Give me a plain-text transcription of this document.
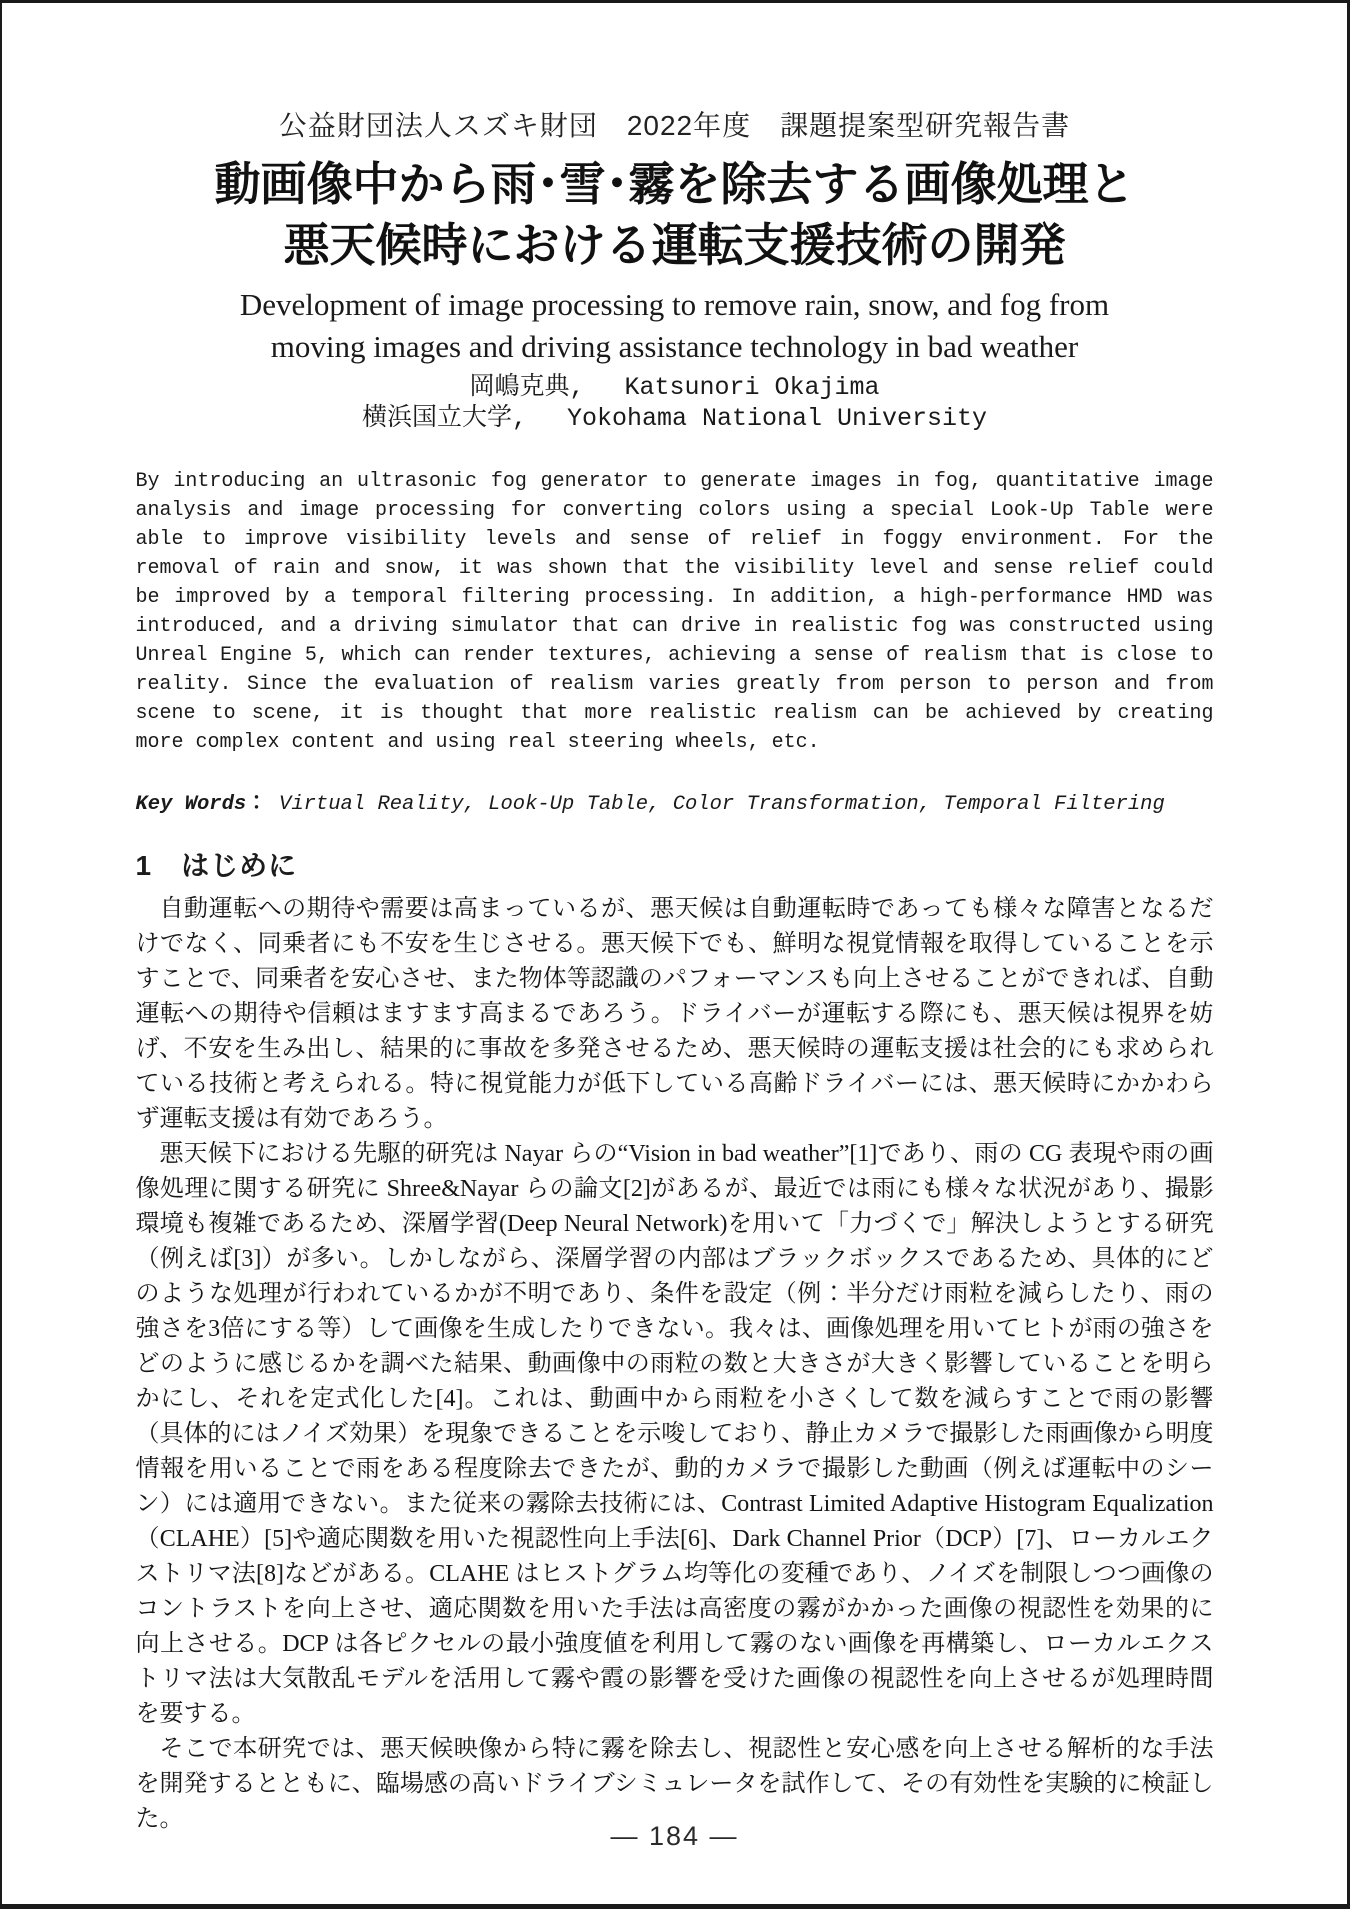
公益財団法人スズキ財団　2022年度　課題提案型研究報告書
動画像中から雨･雪･霧を除去する画像処理と
悪天候時における運転支援技術の開発
Development of image processing to remove rain, snow, and fog from
moving images and driving assistance technology in bad weather
岡嶋克典,　 Katsunori Okajima
横浜国立大学,　 Yokohama National University
By introducing an ultrasonic fog generator to generate images in fog, quantitative image analysis and image processing for converting colors using a special Look-Up Table were able to improve visibility levels and sense of relief in foggy environment. For the removal of rain and snow, it was shown that the visibility level and sense relief could be improved by a temporal filtering processing. In addition, a high-performance HMD was introduced, and a driving simulator that can drive in realistic fog was constructed using Unreal Engine 5, which can render textures, achieving a sense of realism that is close to reality. Since the evaluation of realism varies greatly from person to person and from scene to scene, it is thought that more realistic realism can be achieved by creating more complex content and using real steering wheels, etc.
Key Words： Virtual Reality, Look-Up Table, Color Transformation, Temporal Filtering
1　はじめに

自動運転への期待や需要は高まっているが、悪天候は自動運転時であっても様々な障害となるだけでなく、同乗者にも不安を生じさせる。悪天候下でも、鮮明な視覚情報を取得していることを示すことで、同乗者を安心させ、また物体等認識のパフォーマンスも向上させることができれば、自動運転への期待や信頼はますます高まるであろう。ドライバーが運転する際にも、悪天候は視界を妨げ、不安を生み出し、結果的に事故を多発させるため、悪天候時の運転支援は社会的にも求められている技術と考えられる。特に視覚能力が低下している高齢ドライバーには、悪天候時にかかわらず運転支援は有効であろう。

悪天候下における先駆的研究は Nayar らの“Vision in bad weather”[1]であり、雨の CG 表現や雨の画像処理に関する研究に Shree&Nayar らの論文[2]があるが、最近では雨にも様々な状況があり、撮影環境も複雑であるため、深層学習(Deep Neural Network)を用いて「力づくで」解決しようとする研究（例えば[3]）が多い。しかしながら、深層学習の内部はブラックボックスであるため、具体的にどのような処理が行われているかが不明であり、条件を設定（例：半分だけ雨粒を減らしたり、雨の強さを3倍にする等）して画像を生成したりできない。我々は、画像処理を用いてヒトが雨の強さをどのように感じるかを調べた結果、動画像中の雨粒の数と大きさが大きく影響していることを明らかにし、それを定式化した[4]。これは、動画中から雨粒を小さくして数を減らすことで雨の影響（具体的にはノイズ効果）を現象できることを示唆しており、静止カメラで撮影した雨画像から明度情報を用いることで雨をある程度除去できたが、動的カメラで撮影した動画（例えば運転中のシーン）には適用できない。また従来の霧除去技術には、Contrast Limited Adaptive Histogram Equalization（CLAHE）[5]や適応関数を用いた視認性向上手法[6]、Dark Channel Prior（DCP）[7]、ローカルエクストリマ法[8]などがある。CLAHE はヒストグラム均等化の変種であり、ノイズを制限しつつ画像のコントラストを向上させ、適応関数を用いた手法は高密度の霧がかかった画像の視認性を効果的に向上させる。DCP は各ピクセルの最小強度値を利用して霧のない画像を再構築し、ローカルエクストリマ法は大気散乱モデルを活用して霧や霞の影響を受けた画像の視認性を向上させるが処理時間を要する。

そこで本研究では、悪天候映像から特に霧を除去し、視認性と安心感を向上させる解析的な手法を開発するとともに、臨場感の高いドライブシミュレータを試作して、その有効性を実験的に検証した。

— 184 —
